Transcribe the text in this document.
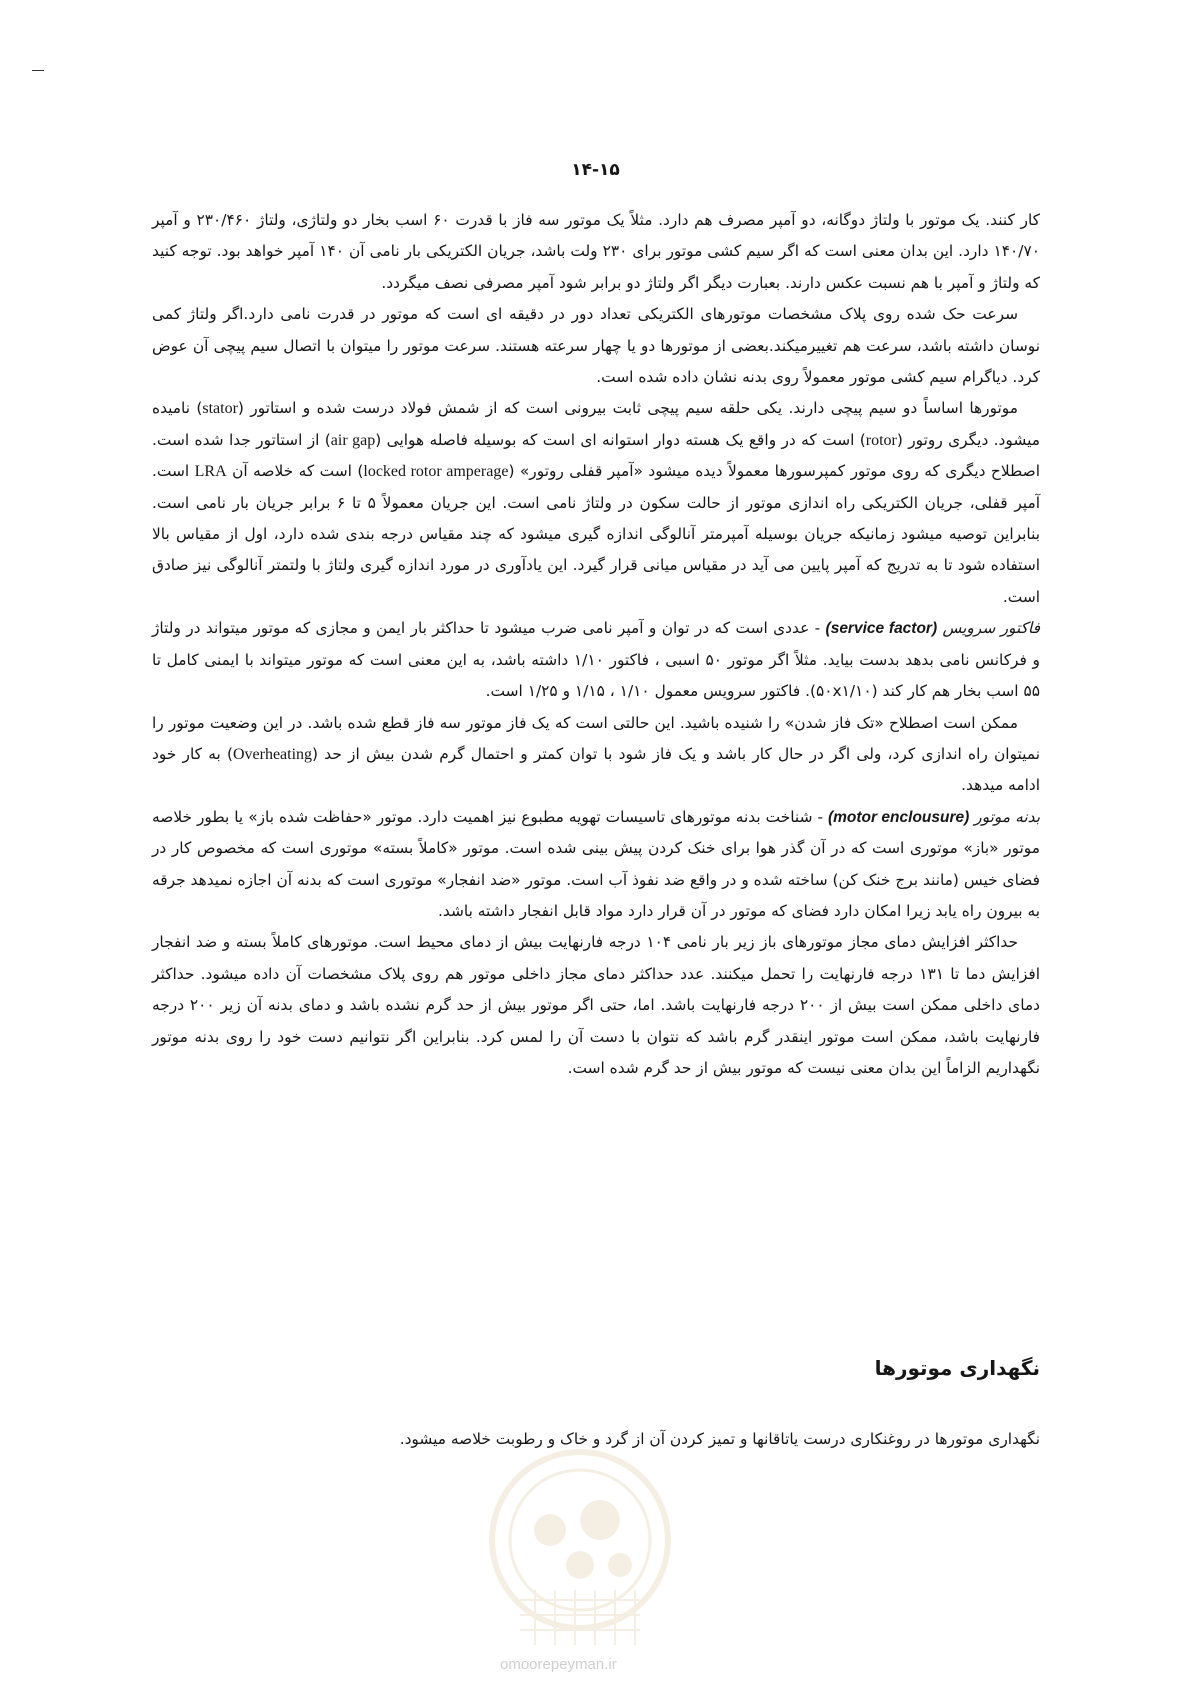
۱۴-۱۵

کار کنند. یک موتور با ولتاژ دوگانه، دو آمپر مصرف هم دارد. مثلاً یک موتور سه فاز با قدرت ۶۰ اسب بخار دو ولتاژی، ولتاژ ۲۳۰/۴۶۰ و آمپر ۱۴۰/۷۰ دارد. این بدان معنی است که اگر سیم کشی موتور برای ۲۳۰ ولت باشد، جریان الکتریکی بار نامی آن ۱۴۰ آمپر خواهد بود. توجه کنید که ولتاژ و آمپر با هم نسبت عکس دارند. بعبارت دیگر اگر ولتاژ دو برابر شود آمپر مصرفی نصف میگردد.

سرعت حک شده روی پلاک مشخصات موتورهای الکتریکی تعداد دور در دقیقه ای است که موتور در قدرت نامی دارد.اگر ولتاژ کمی نوسان داشته باشد، سرعت هم تغییرمیکند.بعضی از موتورها دو یا چهار سرعته هستند. سرعت موتور را میتوان با اتصال سیم پیچی آن عوض کرد. دیاگرام سیم کشی موتور معمولاً روی بدنه نشان داده شده است.

موتورها اساساً دو سیم پیچی دارند. یکی حلقه سیم پیچی ثابت بیرونی است که از شمش فولاد درست شده و استاتور (stator) نامیده میشود. دیگری روتور (rotor) است که در واقع یک هسته دوار استوانه ای است که بوسیله فاصله هوایی (air gap) از استاتور جدا شده است. اصطلاح دیگری که روی موتور کمپرسورها معمولاً دیده میشود «آمپر قفلی روتور» (locked rotor amperage) است که خلاصه آن LRA است. آمپر قفلی، جریان الکتریکی راه اندازی موتور از حالت سکون در ولتاژ نامی است. این جریان معمولاً ۵ تا ۶ برابر جریان بار نامی است. بنابراین توصیه میشود زمانیکه جریان بوسیله آمپرمتر آنالوگی اندازه گیری میشود که چند مقیاس درجه بندی شده دارد، اول از مقیاس بالا استفاده شود تا به تدریج که آمپر پایین می آید در مقیاس میانی قرار گیرد. این یادآوری در مورد اندازه گیری ولتاژ با ولتمتر آنالوگی نیز صادق است.

فاکتور سرویس (service factor) - عددی است که در توان و آمپر نامی ضرب میشود تا حداکثر بار ایمن و مجازی که موتور میتواند در ولتاژ و فرکانس نامی بدهد بدست بیاید. مثلاً اگر موتور ۵۰ اسبی ، فاکتور ۱/۱۰ داشته باشد، به این معنی است که موتور میتواند با ایمنی کامل تا ۵۵ اسب بخار هم کار کند (۵۰x۱/۱۰). فاکتور سرویس معمول ۱/۱۰ ، ۱/۱۵ و ۱/۲۵ است.

ممکن است اصطلاح «تک فاز شدن» را شنیده باشید. این حالتی است که یک فاز موتور سه فاز قطع شده باشد. در این وضعیت موتور را نمیتوان راه اندازی کرد، ولی اگر در حال کار باشد و یک فاز شود با توان کمتر و احتمال گرم شدن بیش از حد (Overheating) به کار خود ادامه میدهد.

بدنه موتور (motor enclousure) - شناخت بدنه موتورهای تاسیسات تهویه مطبوع نیز اهمیت دارد. موتور «حفاظت شده باز» یا بطور خلاصه موتور «باز» موتوری است که در آن گذر هوا برای خنک کردن پیش بینی شده است. موتور «کاملاً بسته» موتوری است که مخصوص کار در فضای خیس (مانند برج خنک کن) ساخته شده و در واقع ضد نفوذ آب است. موتور «ضد انفجار» موتوری است که بدنه آن اجازه نمیدهد جرقه به بیرون راه یابد زیرا امکان دارد فضای که موتور در آن قرار دارد مواد قابل انفجار داشته باشد.

حداکثر افزایش دمای مجاز موتورهای باز زیر بار نامی ۱۰۴ درجه فارنهایت بیش از دمای محیط است. موتورهای کاملاً بسته و ضد انفجار افزایش دما تا ۱۳۱ درجه فارنهایت را تحمل میکنند. عدد حداکثر دمای مجاز داخلی موتور هم روی پلاک مشخصات آن داده میشود. حداکثر دمای داخلی ممکن است بیش از ۲۰۰ درجه فارنهایت باشد. اما، حتی اگر موتور بیش از حد گرم نشده باشد و دمای بدنه آن زیر ۲۰۰ درجه فارنهایت باشد، ممکن است موتور اینقدر گرم باشد که نتوان با دست آن را لمس کرد. بنابراین اگر نتوانیم دست خود را روی بدنه موتور نگهداریم الزاماً این بدان معنی نیست که موتور بیش از حد گرم شده است.

نگهداری موتورها

نگهداری موتورها در روغنکاری درست یاتاقانها و تمیز کردن آن از گرد و خاک و رطوبت خلاصه میشود.

omoorepeyman.ir
